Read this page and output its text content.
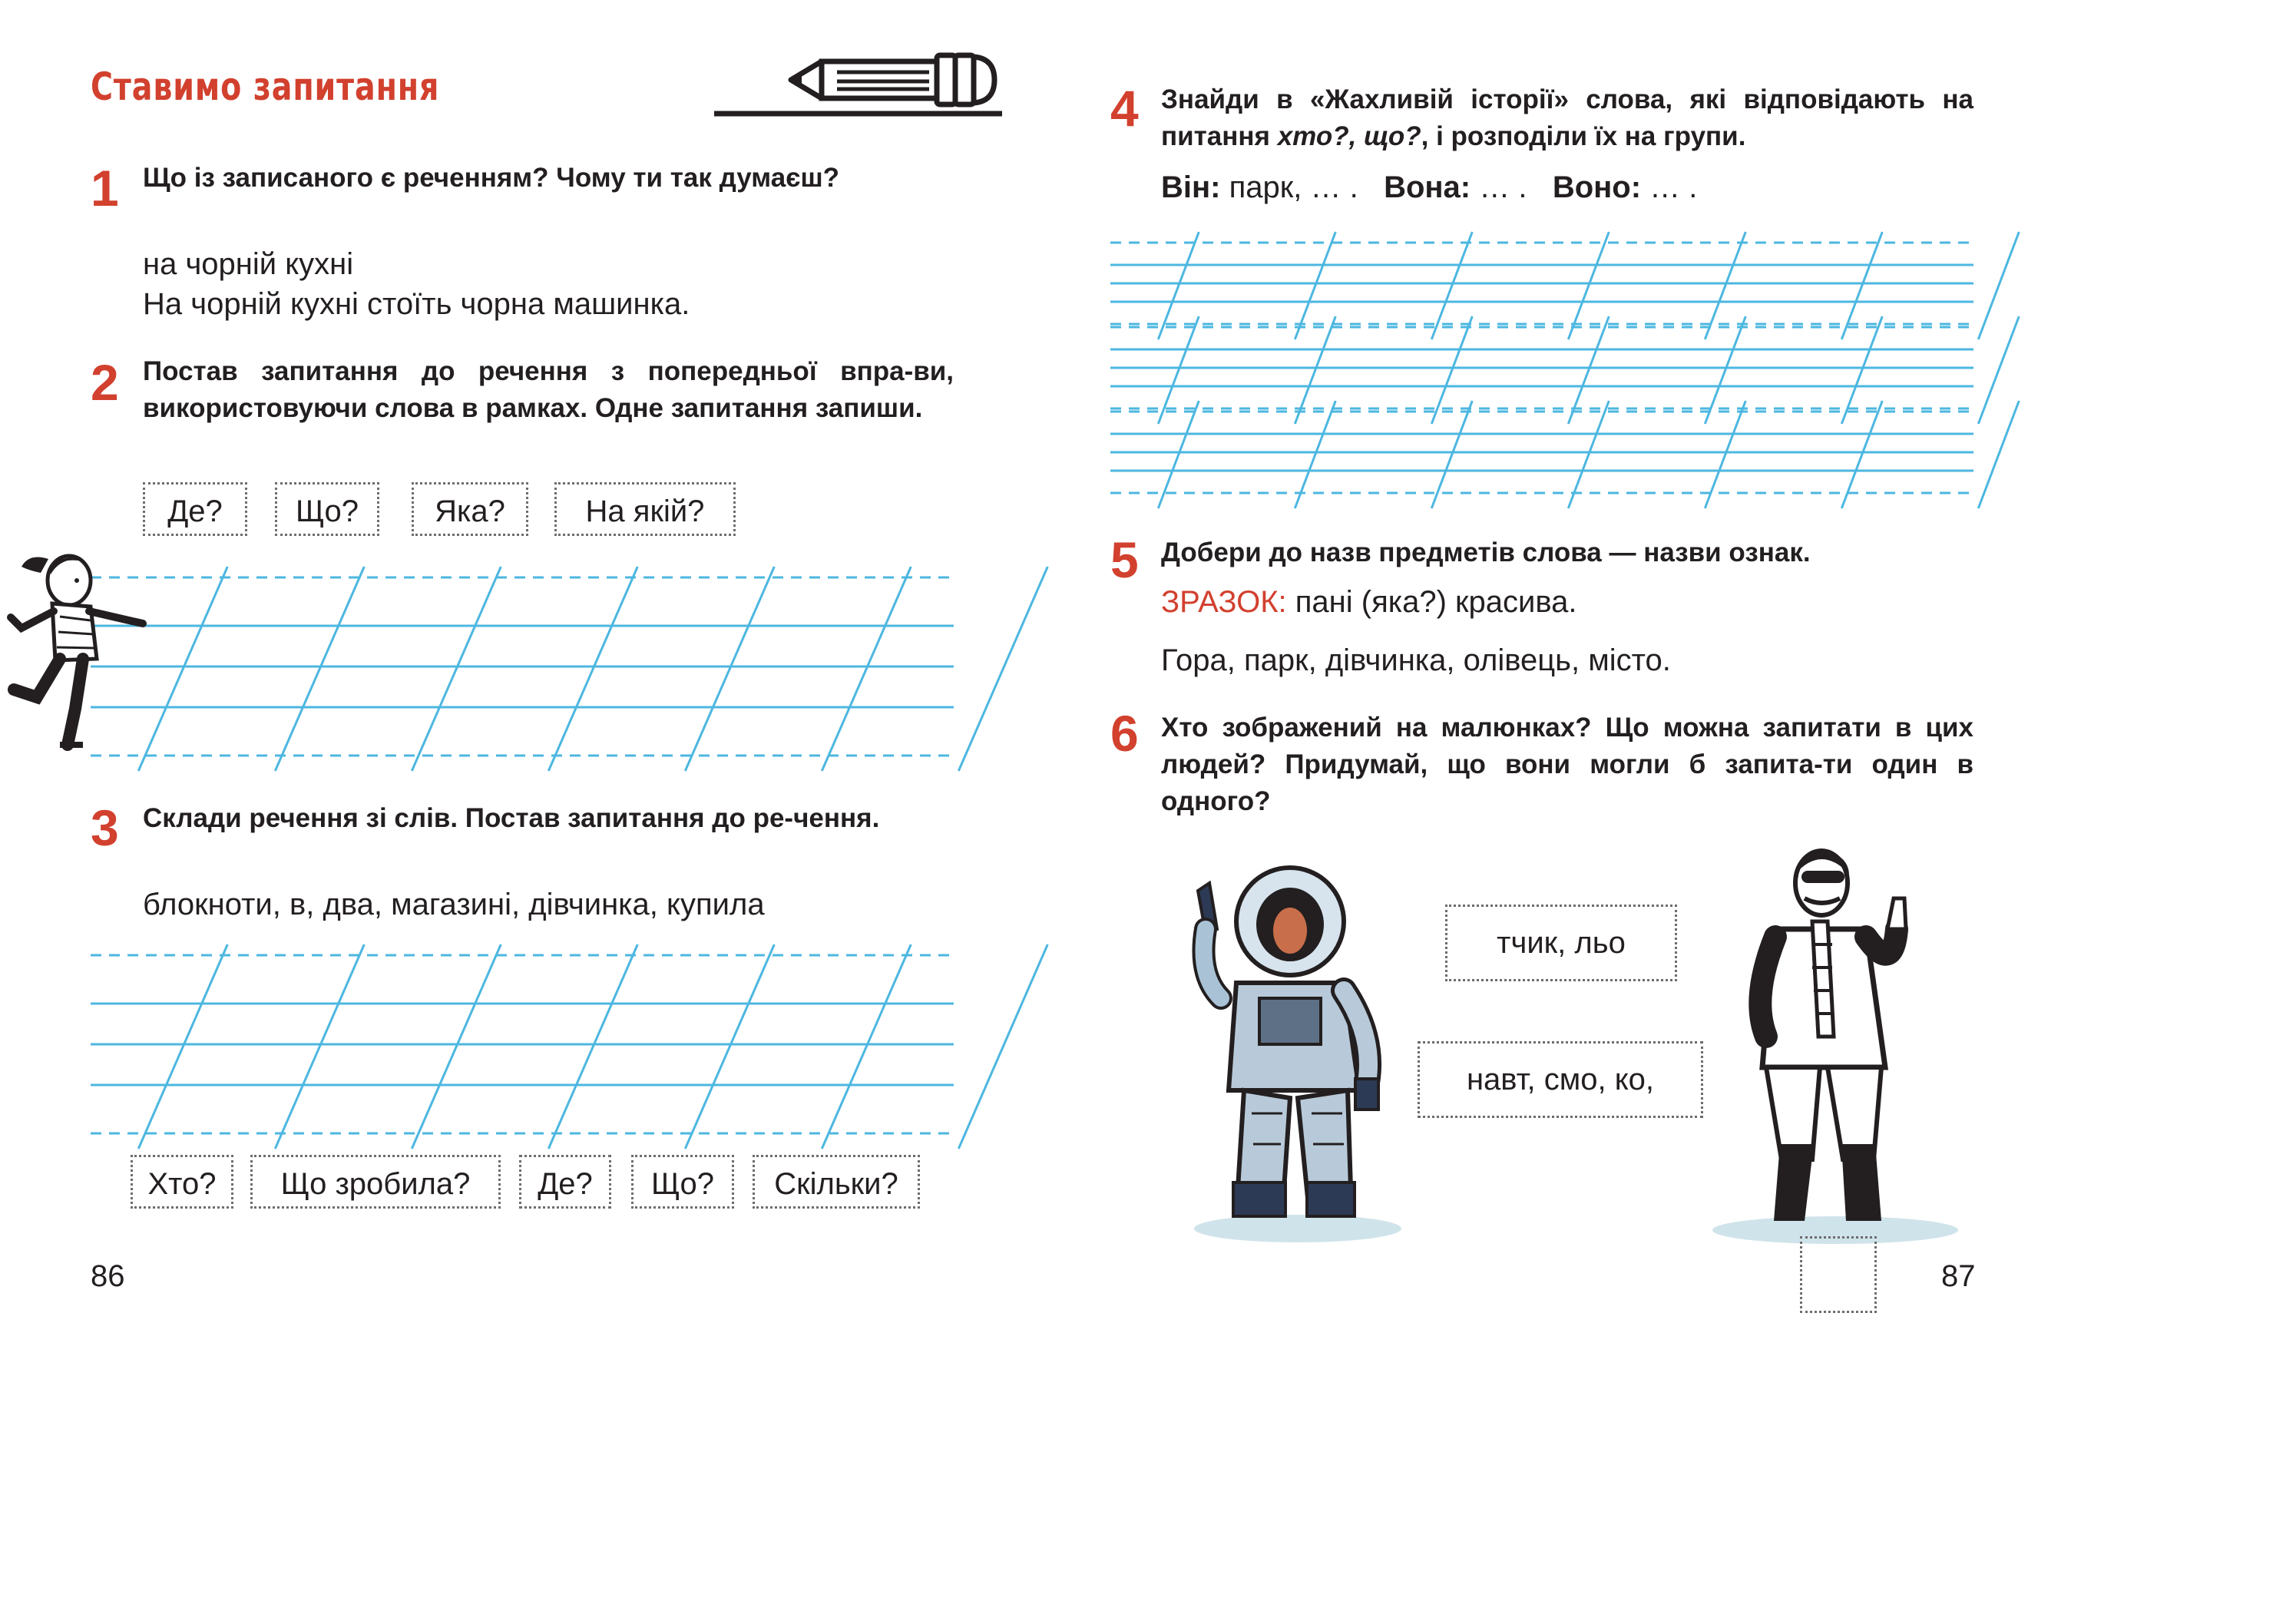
Ставимо запитання
1 Що із записаного є реченням? Чому ти так думаєш?
на чорній кухні
На чорній кухні стоїть чорна машинка.
2 Постав запитання до речення з попередньої впра-ви, використовуючи слова в рамках. Одне запитання запиши.
Де?	Що?	Яка?	На якій?
3 Склади речення зі слів. Постав запитання до ре-чення.
блокноти, в, два, магазині, дівчинка, купила
Хто?	Що зробила?	Де?	Що?	Скільки?
86
4 Знайди в «Жахливій історії» слова, які відповідають на питання хто?, що?, і розподіли їх на групи.
Він: парк, … . Вона: … . Воно: … .
5 Добери до назв предметів слова — назви ознак.
ЗРАЗОК: пані (яка?) красива.
Гора, парк, дівчинка, олівець, місто.
6 Хто зображений на малюнках? Що можна запитати в цих людей? Придумай, що вони могли б запита-ти один в одного?
тчик, льо
навт, смо, ко,
87
